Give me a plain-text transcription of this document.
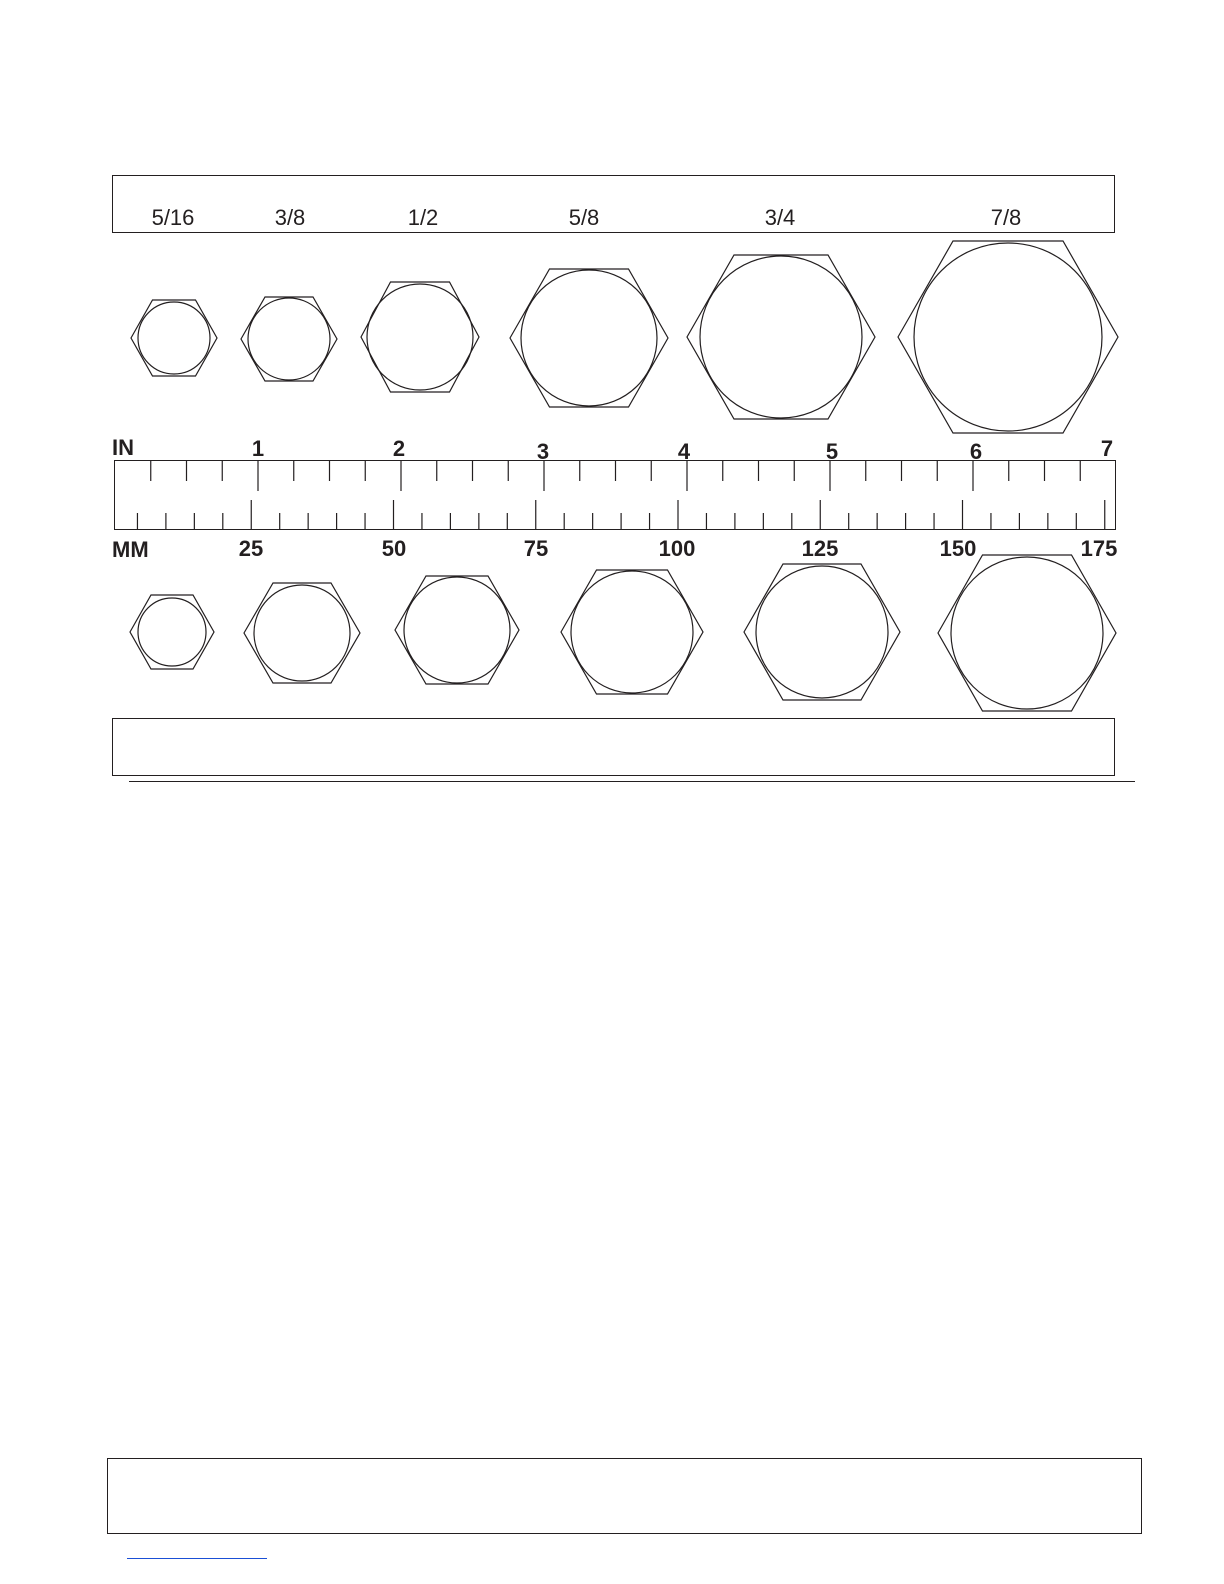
5/16	3/8	1/2	5/8	3/4	7/8
IN	1	2	3	4	5	6	7
MM	25	50	75	100	125	150	175
